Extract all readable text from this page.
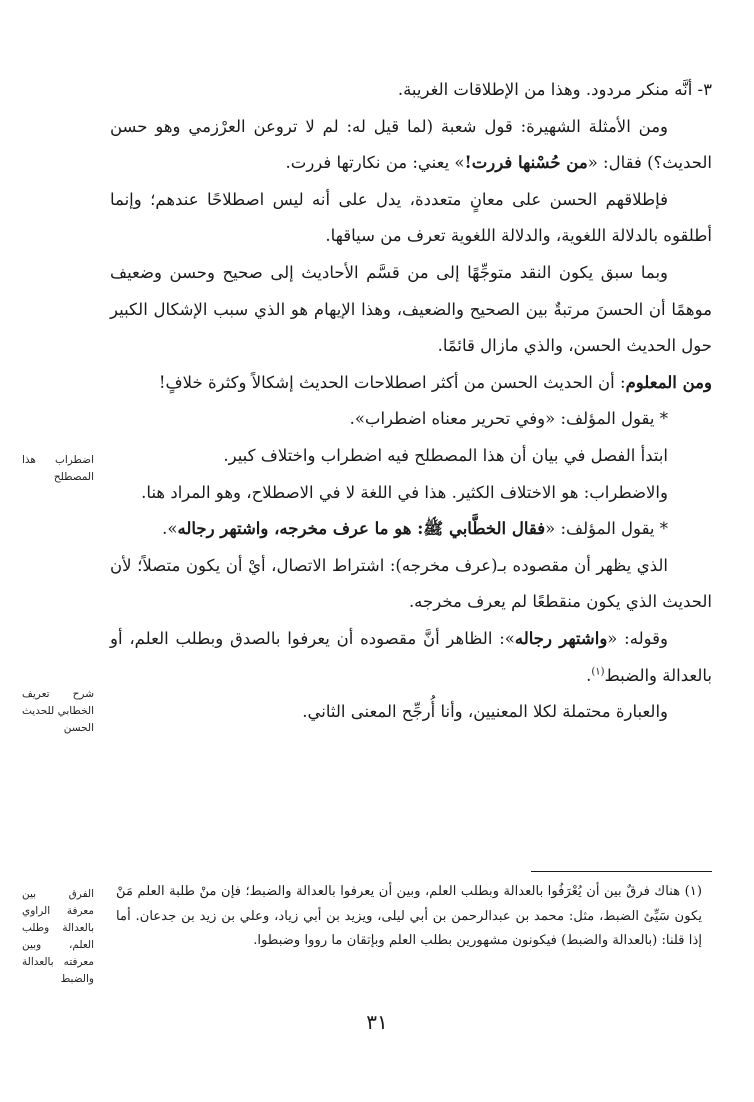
٣- أنَّه منكر مردود. وهذا من الإطلاقات الغريبة.

ومن الأمثلة الشهيرة: قول شعبة (لما قيل له: لم لا تروعن العرْزمي وهو حسن الحديث؟) فقال: «من حُسْنها فررت!» يعني: من نكارتها فررت.

فإطلاقهم الحسن على معانٍ متعددة، يدل على أنه ليس اصطلاحًا عندهم؛ وإنما أطلقوه بالدلالة اللغوية، والدلالة اللغوية تعرف من سياقها.

وبما سبق يكون النقد متوجِّهًا إلى من قسَّم الأحاديث إلى صحيح وحسن وضعيف موهمًا أن الحسنَ مرتبةٌ بين الصحيح والضعيف، وهذا الإيهام هو الذي سبب الإشكال الكبير حول الحديث الحسن، والذي مازال قائمًا.

ومن المعلوم: أن الحديث الحسن من أكثر اصطلاحات الحديث إشكالاً وكثرة خلافٍ!

* يقول المؤلف: «وفي تحرير معناه اضطراب».

ابتدأ الفصل في بيان أن هذا المصطلح فيه اضطراب واختلاف كبير.

والاضطراب: هو الاختلاف الكثير. هذا في اللغة لا في الاصطلاح، وهو المراد هنا.

* يقول المؤلف: «فقال الخطَّابي ﷺ: هو ما عرف مخرجه، واشتهر رجاله».

الذي يظهر أن مقصوده بـ(عرف مخرجه): اشتراط الاتصال، أيْ أن يكون متصلاً؛ لأن الحديث الذي يكون منقطعًا لم يعرف مخرجه.

وقوله: «واشتهر رجاله»: الظاهر أنَّ مقصوده أن يعرفوا بالصدق وبطلب العلم، أو بالعدالة والضبط$^{(١)}$.

والعبارة محتملة لكلا المعنيين، وأنا أُرجِّح المعنى الثاني.

اضطراب هذا المصطلح
شرح تعريف الخطابي للحديث الحسن
الفرق بين معرفة الراوي بالعدالة وطلب العلم، وبين معرفته بالعدالة والضبط
(١) هناك فرقٌ بين أن يُعْرَفُوا بالعدالة وبطلب العلم، وبين أن يعرفوا بالعدالة والضبط؛ فإن منْ طلبة العلم مَنْ يكون سَيِّئ الضبط، مثل: محمد بن عبدالرحمن بن أبي ليلى، ويزيد بن أبي زياد، وعلي بن زيد بن جدعان. أما إذا قلنا: (بالعدالة والضبط) فيكونون مشهورين بطلب العلم وبإتقان ما رووا وضبطوا.
٣١
